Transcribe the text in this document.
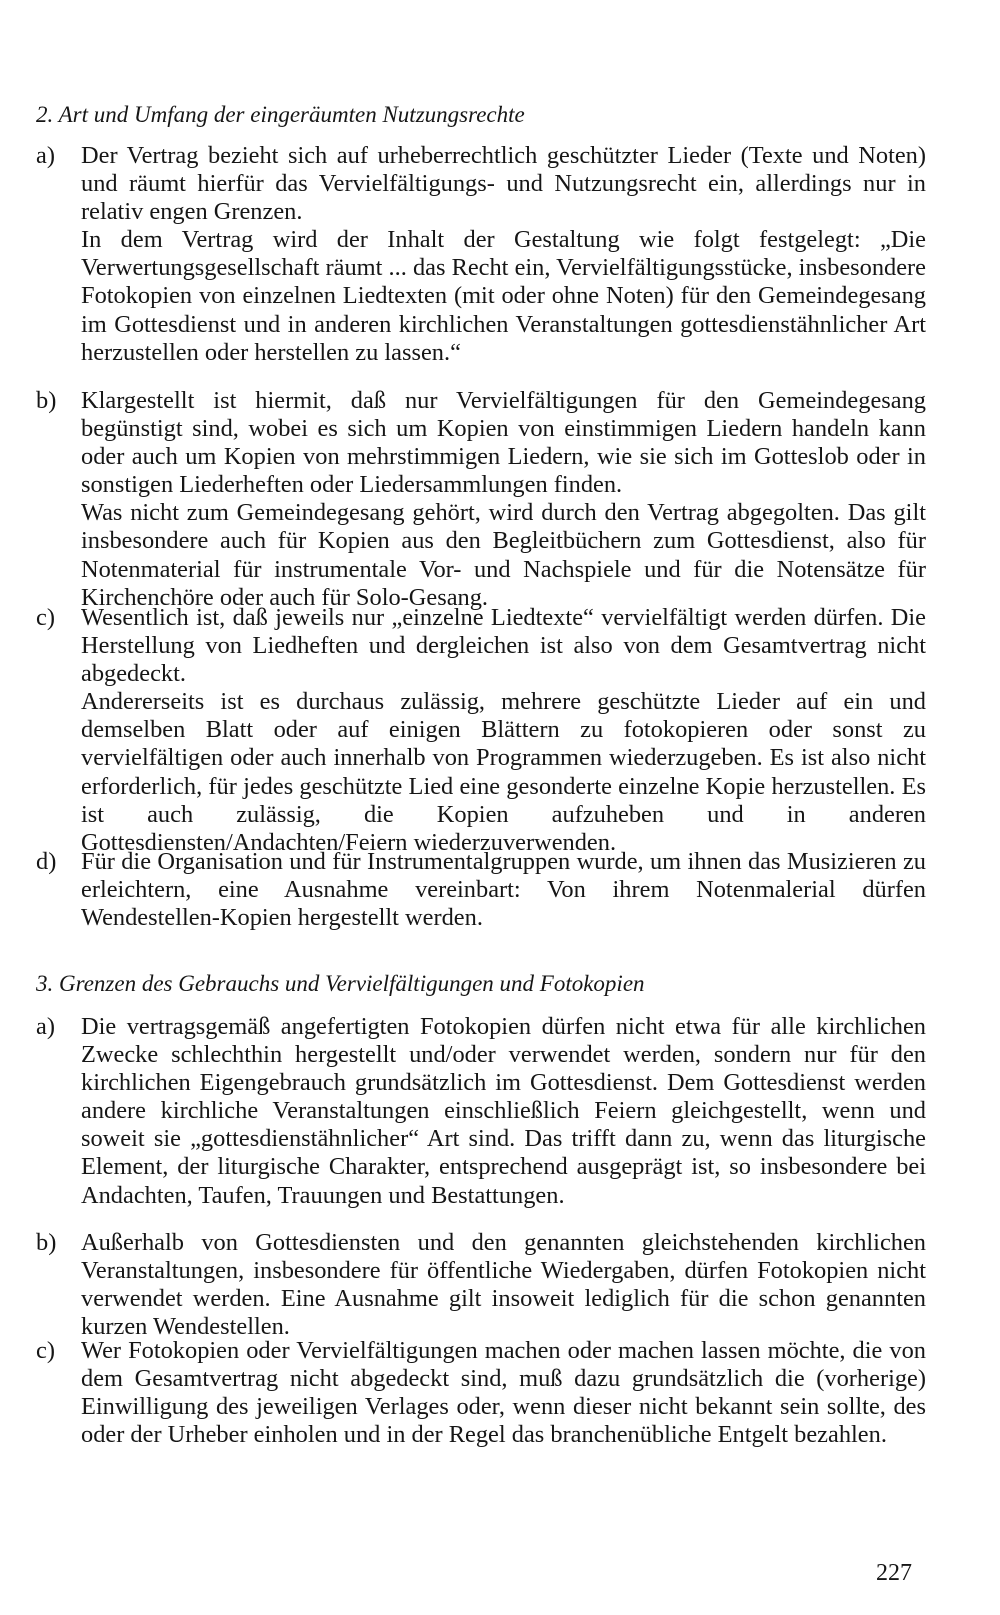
2. Art und Umfang der eingeräumten Nutzungsrechte
a) Der Vertrag bezieht sich auf urheberrechtlich geschützter Lieder (Texte und Noten) und räumt hierfür das Vervielfältigungs- und Nutzungsrecht ein, allerdings nur in relativ engen Grenzen.

In dem Vertrag wird der Inhalt der Gestaltung wie folgt festgelegt: „Die Verwertungsgesellschaft räumt ... das Recht ein, Vervielfältigungsstücke, insbesondere Fotokopien von einzelnen Liedtexten (mit oder ohne Noten) für den Gemeindegesang im Gottesdienst und in anderen kirchlichen Veranstaltungen gottesdienstähnlicher Art herzustellen oder herstellen zu lassen.“

b) Klargestellt ist hiermit, daß nur Vervielfältigungen für den Gemeindegesang begünstigt sind, wobei es sich um Kopien von einstimmigen Liedern handeln kann oder auch um Kopien von mehrstimmigen Liedern, wie sie sich im Gotteslob oder in sonstigen Liederheften oder Liedersammlungen finden.

Was nicht zum Gemeindegesang gehört, wird durch den Vertrag abgegolten. Das gilt insbesondere auch für Kopien aus den Begleitbüchern zum Gottesdienst, also für Notenmaterial für instrumentale Vor- und Nachspiele und für die Notensätze für Kirchenchöre oder auch für Solo-Gesang.

c) Wesentlich ist, daß jeweils nur „einzelne Liedtexte“ vervielfältigt werden dürfen. Die Herstellung von Liedheften und dergleichen ist also von dem Gesamtvertrag nicht abgedeckt.

Andererseits ist es durchaus zulässig, mehrere geschützte Lieder auf ein und demselben Blatt oder auf einigen Blättern zu fotokopieren oder sonst zu vervielfältigen oder auch innerhalb von Programmen wiederzugeben. Es ist also nicht erforderlich, für jedes geschützte Lied eine gesonderte einzelne Kopie herzustellen. Es ist auch zulässig, die Kopien aufzuheben und in anderen Gottesdiensten/Andachten/Feiern wiederzuverwenden.

d) Für die Organisation und für Instrumentalgruppen wurde, um ihnen das Musizieren zu erleichtern, eine Ausnahme vereinbart: Von ihrem Notenmalerial dürfen Wendestellen-Kopien hergestellt werden.

3. Grenzen des Gebrauchs und Vervielfältigungen und Fotokopien
a) Die vertragsgemäß angefertigten Fotokopien dürfen nicht etwa für alle kirchlichen Zwecke schlechthin hergestellt und/oder verwendet werden, sondern nur für den kirchlichen Eigengebrauch grundsätzlich im Gottesdienst. Dem Gottesdienst werden andere kirchliche Veranstaltungen einschließlich Feiern gleichgestellt, wenn und soweit sie „gottesdienstähnlicher“ Art sind. Das trifft dann zu, wenn das liturgische Element, der liturgische Charakter, entsprechend ausgeprägt ist, so insbesondere bei Andachten, Taufen, Trauungen und Bestattungen.

b) Außerhalb von Gottesdiensten und den genannten gleichstehenden kirchlichen Veranstaltungen, insbesondere für öffentliche Wiedergaben, dürfen Fotokopien nicht verwendet werden. Eine Ausnahme gilt insoweit lediglich für die schon genannten kurzen Wendestellen.

c) Wer Fotokopien oder Vervielfältigungen machen oder machen lassen möchte, die von dem Gesamtvertrag nicht abgedeckt sind, muß dazu grundsätzlich die (vorherige) Einwilligung des jeweiligen Verlages oder, wenn dieser nicht bekannt sein sollte, des oder der Urheber einholen und in der Regel das branchenübliche Entgelt bezahlen.

227
